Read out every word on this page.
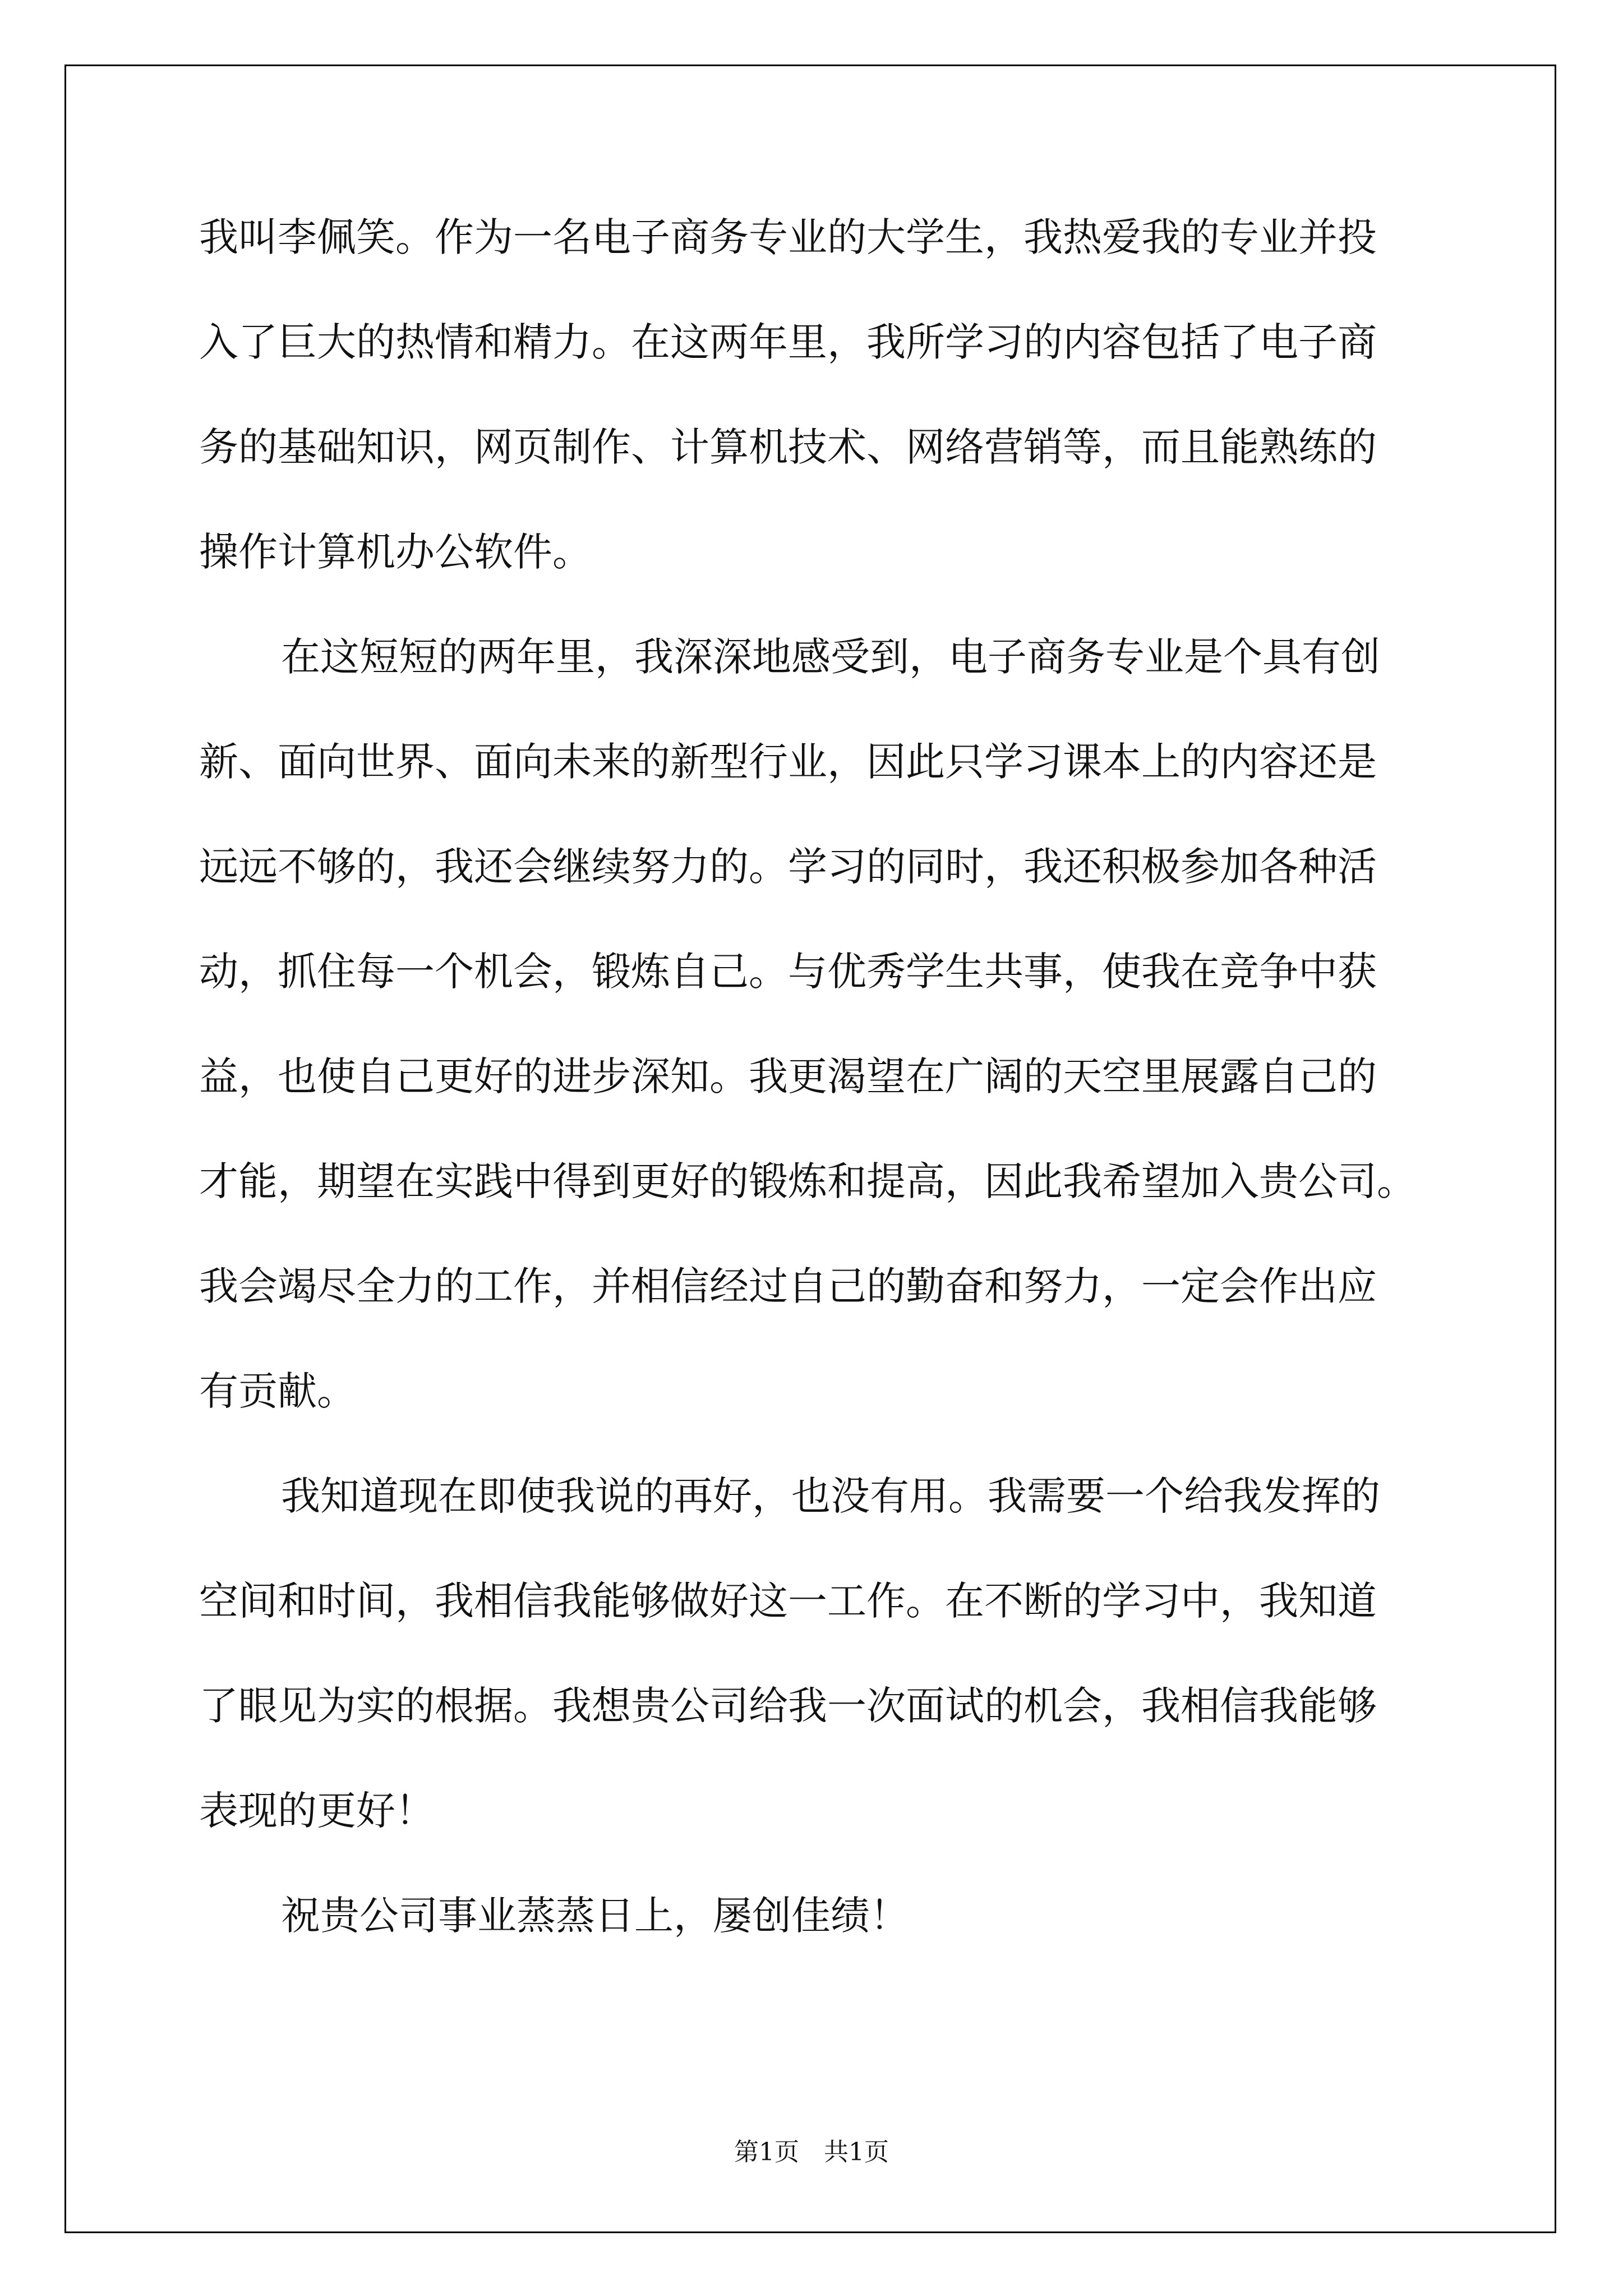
我叫李佩笑。作为一名电子商务专业的大学生，我热爱我的专业并投
入了巨大的热情和精力。在这两年里，我所学习的内容包括了电子商
务的基础知识，网页制作、计算机技术、网络营销等，而且能熟练的
操作计算机办公软件。
在这短短的两年里，我深深地感受到，电子商务专业是个具有创
新、面向世界、面向未来的新型行业，因此只学习课本上的内容还是
远远不够的，我还会继续努力的。学习的同时，我还积极参加各种活
动，抓住每一个机会，锻炼自己。与优秀学生共事，使我在竞争中获
益，也使自己更好的进步深知。我更渴望在广阔的天空里展露自己的
才能，期望在实践中得到更好的锻炼和提高，因此我希望加入贵公司。
我会竭尽全力的工作，并相信经过自己的勤奋和努力，一定会作出应
有贡献。
我知道现在即使我说的再好，也没有用。我需要一个给我发挥的
空间和时间，我相信我能够做好这一工作。在不断的学习中，我知道
了眼见为实的根据。我想贵公司给我一次面试的机会，我相信我能够
表现的更好！
祝贵公司事业蒸蒸日上，屡创佳绩！
第1页 共1页
